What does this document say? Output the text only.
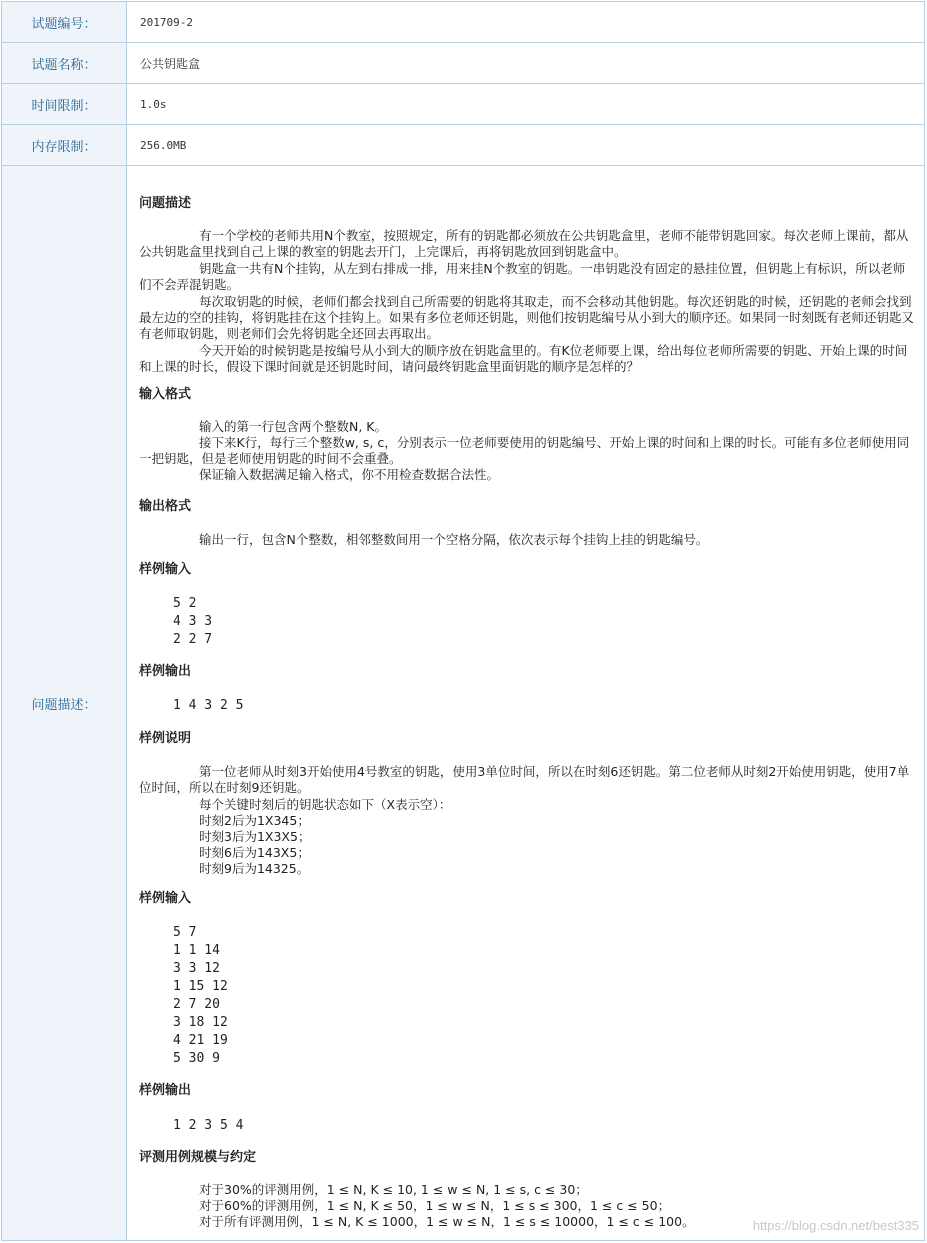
试题编号：	201709-2
试题名称：	公共钥匙盒
时间限制：	1.0s
内存限制：	256.0MB
问题描述：
问题描述
有一个学校的老师共用N个教室，按照规定，所有的钥匙都必须放在公共钥匙盒里，老师不能带钥匙回家。每次老师上课前，都从公共钥匙盒里找到自己上课的教室的钥匙去开门，上完课后，再将钥匙放回到钥匙盒中。
钥匙盒一共有N个挂钩，从左到右排成一排，用来挂N个教室的钥匙。一串钥匙没有固定的悬挂位置，但钥匙上有标识，所以老师们不会弄混钥匙。
每次取钥匙的时候，老师们都会找到自己所需要的钥匙将其取走，而不会移动其他钥匙。每次还钥匙的时候，还钥匙的老师会找到最左边的空的挂钩，将钥匙挂在这个挂钩上。如果有多位老师还钥匙，则他们按钥匙编号从小到大的顺序还。如果同一时刻既有老师还钥匙又有老师取钥匙，则老师们会先将钥匙全还回去再取出。
今天开始的时候钥匙是按编号从小到大的顺序放在钥匙盒里的。有K位老师要上课，给出每位老师所需要的钥匙、开始上课的时间和上课的时长，假设下课时间就是还钥匙时间，请问最终钥匙盒里面钥匙的顺序是怎样的？
输入格式
输入的第一行包含两个整数N, K。
接下来K行，每行三个整数w, s, c，分别表示一位老师要使用的钥匙编号、开始上课的时间和上课的时长。可能有多位老师使用同一把钥匙，但是老师使用钥匙的时间不会重叠。
保证输入数据满足输入格式，你不用检查数据合法性。
输出格式
输出一行，包含N个整数，相邻整数间用一个空格分隔，依次表示每个挂钩上挂的钥匙编号。
样例输入
5 2
4 3 3
2 2 7
样例输出
1 4 3 2 5
样例说明
第一位老师从时刻3开始使用4号教室的钥匙，使用3单位时间，所以在时刻6还钥匙。第二位老师从时刻2开始使用钥匙，使用7单位时间，所以在时刻9还钥匙。
每个关键时刻后的钥匙状态如下（X表示空）：
时刻2后为1X345；
时刻3后为1X3X5；
时刻6后为143X5；
时刻9后为14325。
样例输入
5 7
1 1 14
3 3 12
1 15 12
2 7 20
3 18 12
4 21 19
5 30 9
样例输出
1 2 3 5 4
评测用例规模与约定
对于30%的评测用例，1 ≤ N, K ≤ 10, 1 ≤ w ≤ N, 1 ≤ s, c ≤ 30；
对于60%的评测用例，1 ≤ N, K ≤ 50，1 ≤ w ≤ N，1 ≤ s ≤ 300，1 ≤ c ≤ 50；
对于所有评测用例，1 ≤ N, K ≤ 1000，1 ≤ w ≤ N，1 ≤ s ≤ 10000，1 ≤ c ≤ 100。	https://blog.csdn.net/best335
